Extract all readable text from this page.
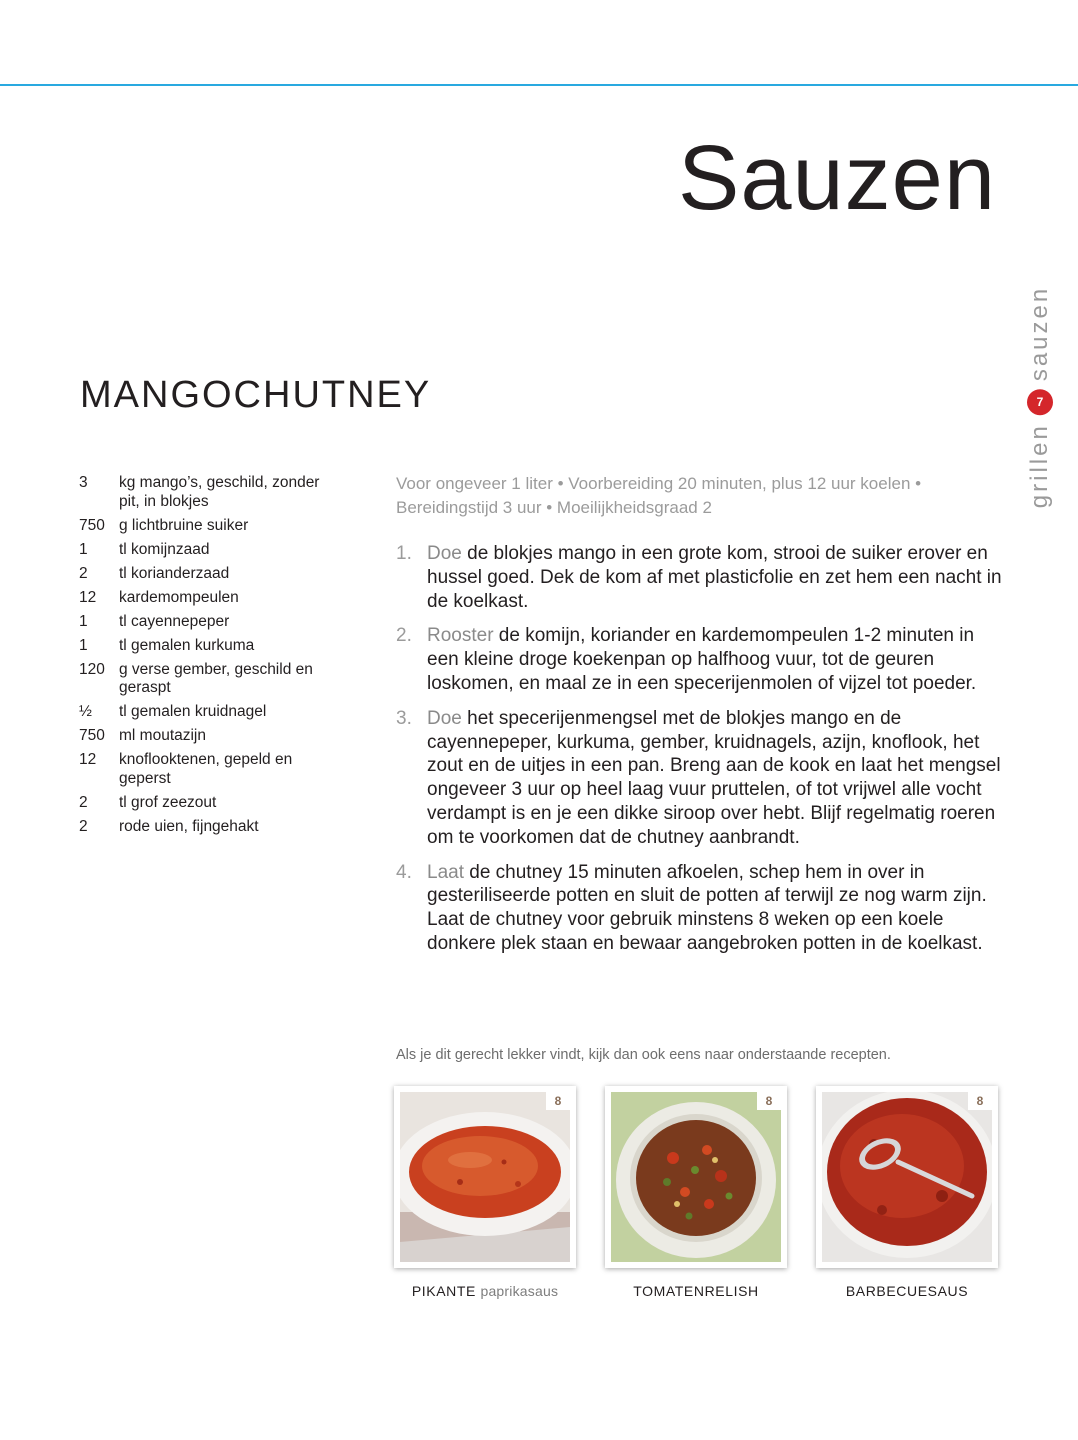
Sauzen
grillen
7
sauzen
MANGOCHUTNEY
3	kg mango’s, geschild, zonder pit, in blokjes
750 g lichtbruine suiker
1	tl komijnzaad
2	tl korianderzaad
12	kardemompeulen
1	tl cayennepeper
1	tl gemalen kurkuma
120 g verse gember, geschild en geraspt
½	tl gemalen kruidnagel
750 ml moutazijn
12	knoflooktenen, gepeld en geperst
2	tl grof zeezout
2	rode uien, fijngehakt

Voor ongeveer 1 liter • Voorbereiding 20 minuten, plus 12 uur koelen • Bereidingstijd 3 uur • Moeilijkheidsgraad 2

1. Doe de blokjes mango in een grote kom, strooi de suiker erover en hussel goed. Dek de kom af met plasticfolie en zet hem een nacht in de koelkast.
2. Rooster de komijn, koriander en kardemompeulen 1-2 minuten in een kleine droge koekenpan op halfhoog vuur, tot de geuren loskomen, en maal ze in een specerijenmolen of vijzel tot poeder.
3. Doe het specerijenmengsel met de blokjes mango en de cayennepeper, kurkuma, gember, kruidnagels, azijn, knoflook, het zout en de uitjes in een pan. Breng aan de kook en laat het mengsel ongeveer 3 uur op heel laag vuur pruttelen, of tot vrijwel alle vocht verdampt is en je een dikke siroop over hebt. Blijf regelmatig roeren om te voorkomen dat de chutney aanbrandt.
4. Laat de chutney 15 minuten afkoelen, schep hem in over in gesteriliseerde potten en sluit de potten af terwijl ze nog warm zijn. Laat de chutney voor gebruik minstens 8 weken op een koele donkere plek staan en bewaar aangebroken potten in de koelkast.

Als je dit gerecht lekker vindt, kijk dan ook eens naar onderstaande recepten.

8
PIKANTE paprikasaus
8
TOMATENRELISH
8
BARBECUESAUS
